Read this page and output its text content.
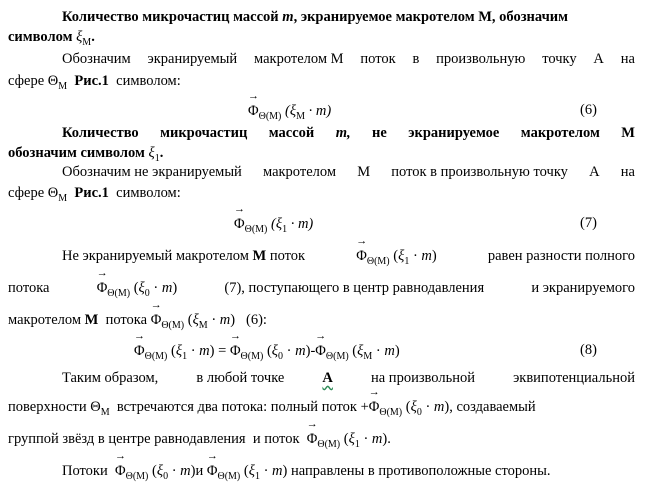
Количество микрочастиц массой m, экранируемое макротелом М, обозначим
символом $\xi_М$.
Обозначим экранируемый макротелом М поток в произвольную точку А на
сфере $\Theta_М$ Рис.1 символом:
→ $\Phi_{\Theta(M)}$ $(\xi_М \cdot m)$	(6)
Количество микрочастиц массой m, не экранируемое макротелом М
обозначим символом $\xi_1$.
Обозначим не экранируемый макротелом М поток в произвольную точку А на
сфере $\Theta_М$ Рис.1 символом:
→ $\Phi_{\Theta(M)}$ $(\xi_1 \cdot m)$	(7)
Не экранируемый макротелом М поток	→ $\Phi_{\Theta(M)}$ $(\xi_1 \cdot m)$	равен разности полного
потока	→ $\Phi_{\Theta(M)}$ $(\xi_0 \cdot m)$	(7), поступающего в центр равнодавления	и экранируемого
макротелом М потока → $\Phi_{\Theta(M)}$ $(\xi_М \cdot m)$   (6):
→ $\Phi_{\Theta(M)}$ $(\xi_1 \cdot m)$ = → $\Phi_{\Theta(M)}$ $(\xi_0 \cdot m)-\to \Phi_{\Theta(M)}$ $(\xi_М \cdot m)$	(8)
Таким образом,	в любой точке	А	на произвольной	эквипотенциальной
поверхности $\Theta_М$ встречаются два потока: полный поток +→ $\Phi_{\Theta(M)}$ $(\xi_0 \cdot m)$, создаваемый
группой звёзд в центре равнодавления и поток → $\Phi_{\Theta(M)}$ $(\xi_1 \cdot m)$.
Потоки → $\Phi_{\Theta(M)}$ $(\xi_0 \cdot m)и \to \Phi_{\Theta(M)}$ $(\xi_1 \cdot m)$ направлены в противоположные стороны.
